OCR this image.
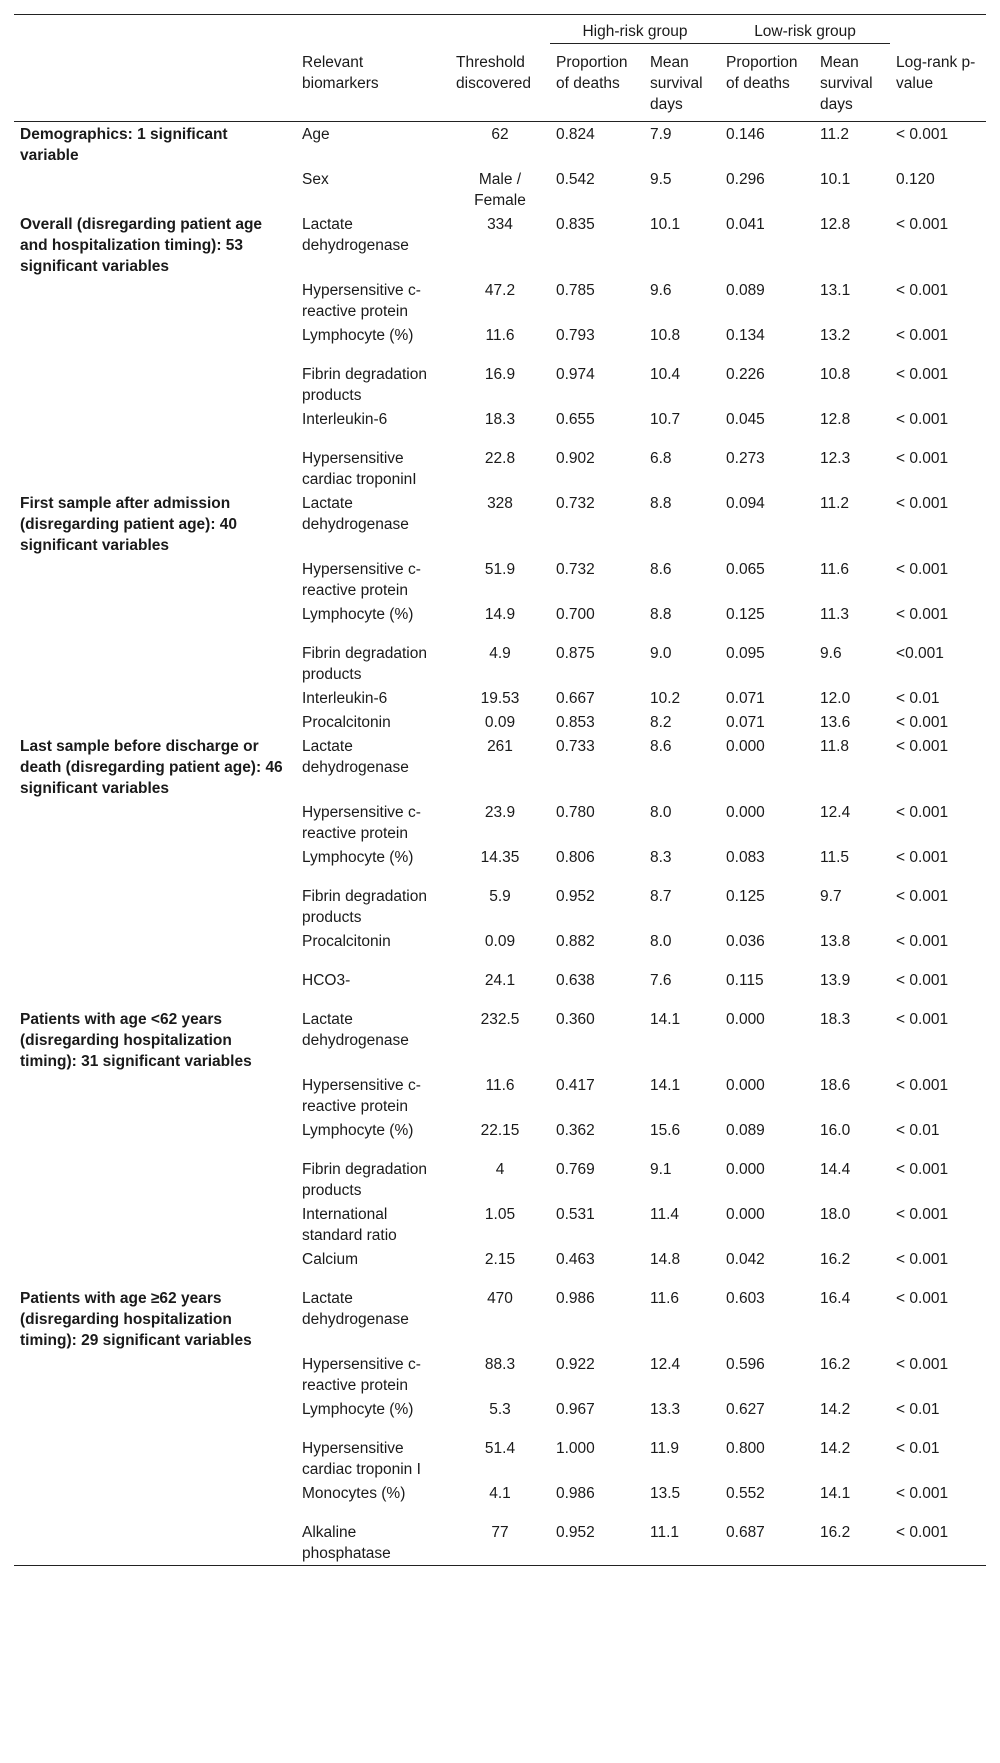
			High-risk group		Low-risk group		
	Relevant biomarkers	Threshold discovered	Proportion of deaths	Mean survival days	Proportion of deaths	Mean survival days	Log-rank p-value
Demographics: 1 significant variable	Age	62	0.824	7.9	0.146	11.2	< 0.001
	Sex	Male / Female	0.542	9.5	0.296	10.1	0.120
Overall (disregarding patient age and hospitalization timing): 53 significant variables	Lactate dehydrogenase	334	0.835	10.1	0.041	12.8	< 0.001
	Hypersensitive c-reactive protein	47.2	0.785	9.6	0.089	13.1	< 0.001
	Lymphocyte (%)	11.6	0.793	10.8	0.134	13.2	< 0.001
	Fibrin degradation products	16.9	0.974	10.4	0.226	10.8	< 0.001
	Interleukin-6	18.3	0.655	10.7	0.045	12.8	< 0.001
	Hypersensitive cardiac troponinI	22.8	0.902	6.8	0.273	12.3	< 0.001
First sample after admission (disregarding patient age): 40 significant variables	Lactate dehydrogenase	328	0.732	8.8	0.094	11.2	< 0.001
	Hypersensitive c-reactive protein	51.9	0.732	8.6	0.065	11.6	< 0.001
	Lymphocyte (%)	14.9	0.700	8.8	0.125	11.3	< 0.001
	Fibrin degradation products	4.9	0.875	9.0	0.095	9.6	<0.001
	Interleukin-6	19.53	0.667	10.2	0.071	12.0	< 0.01
	Procalcitonin	0.09	0.853	8.2	0.071	13.6	< 0.001
Last sample before discharge or death (disregarding patient age): 46 significant variables	Lactate dehydrogenase	261	0.733	8.6	0.000	11.8	< 0.001
	Hypersensitive c-reactive protein	23.9	0.780	8.0	0.000	12.4	< 0.001
	Lymphocyte (%)	14.35	0.806	8.3	0.083	11.5	< 0.001
	Fibrin degradation products	5.9	0.952	8.7	0.125	9.7	< 0.001
	Procalcitonin	0.09	0.882	8.0	0.036	13.8	< 0.001
	HCO3-	24.1	0.638	7.6	0.115	13.9	< 0.001
Patients with age <62 years (disregarding hospitalization timing): 31 significant variables	Lactate dehydrogenase	232.5	0.360	14.1	0.000	18.3	< 0.001
	Hypersensitive c-reactive protein	11.6	0.417	14.1	0.000	18.6	< 0.001
	Lymphocyte (%)	22.15	0.362	15.6	0.089	16.0	< 0.01
	Fibrin degradation products	4	0.769	9.1	0.000	14.4	< 0.001
	International standard ratio	1.05	0.531	11.4	0.000	18.0	< 0.001
	Calcium	2.15	0.463	14.8	0.042	16.2	< 0.001
Patients with age ≥62 years (disregarding hospitalization timing): 29 significant variables	Lactate dehydrogenase	470	0.986	11.6	0.603	16.4	< 0.001
	Hypersensitive c-reactive protein	88.3	0.922	12.4	0.596	16.2	< 0.001
	Lymphocyte (%)	5.3	0.967	13.3	0.627	14.2	< 0.01
	Hypersensitive cardiac troponin I	51.4	1.000	11.9	0.800	14.2	< 0.01
	Monocytes (%)	4.1	0.986	13.5	0.552	14.1	< 0.001
	Alkaline phosphatase	77	0.952	11.1	0.687	16.2	< 0.001
